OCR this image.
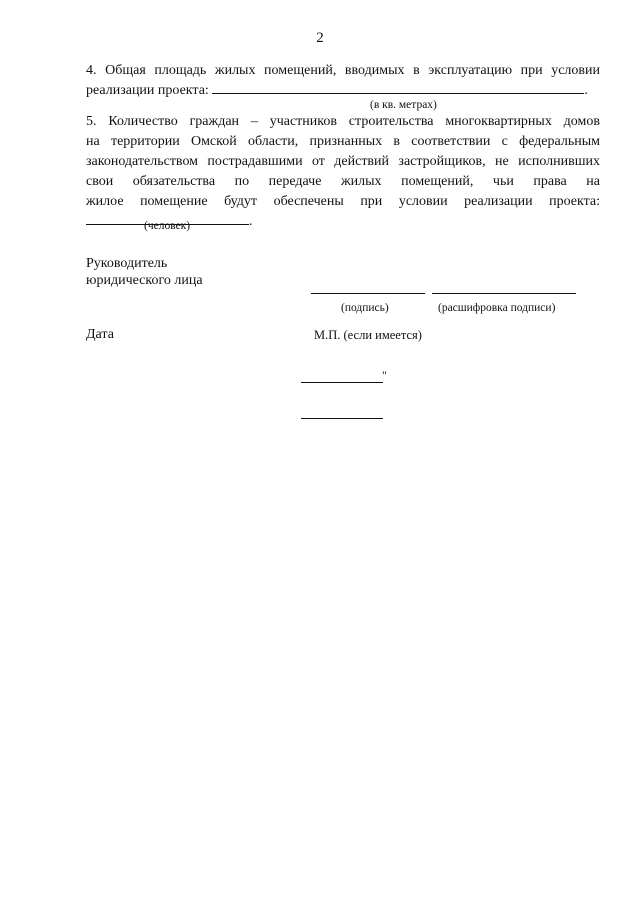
2
4. Общая площадь жилых помещений, вводимых в эксплуатацию при условии
реализации проекта:	.
(в кв. метрах)
5. Количество граждан – участников строительства многоквартирных домов
на территории Омской области, признанных в соответствии с федеральным
законодательством пострадавшими от действий застройщиков, не исполнивших
свои обязательства по передаче жилых помещений, чьи права на
жилое помещение будут обеспечены при условии реализации проекта:
.
(человек)
Руководитель
юридического лица
(подпись)	(расшифровка подписи)
Дата	М.П. (если имеется)
"
